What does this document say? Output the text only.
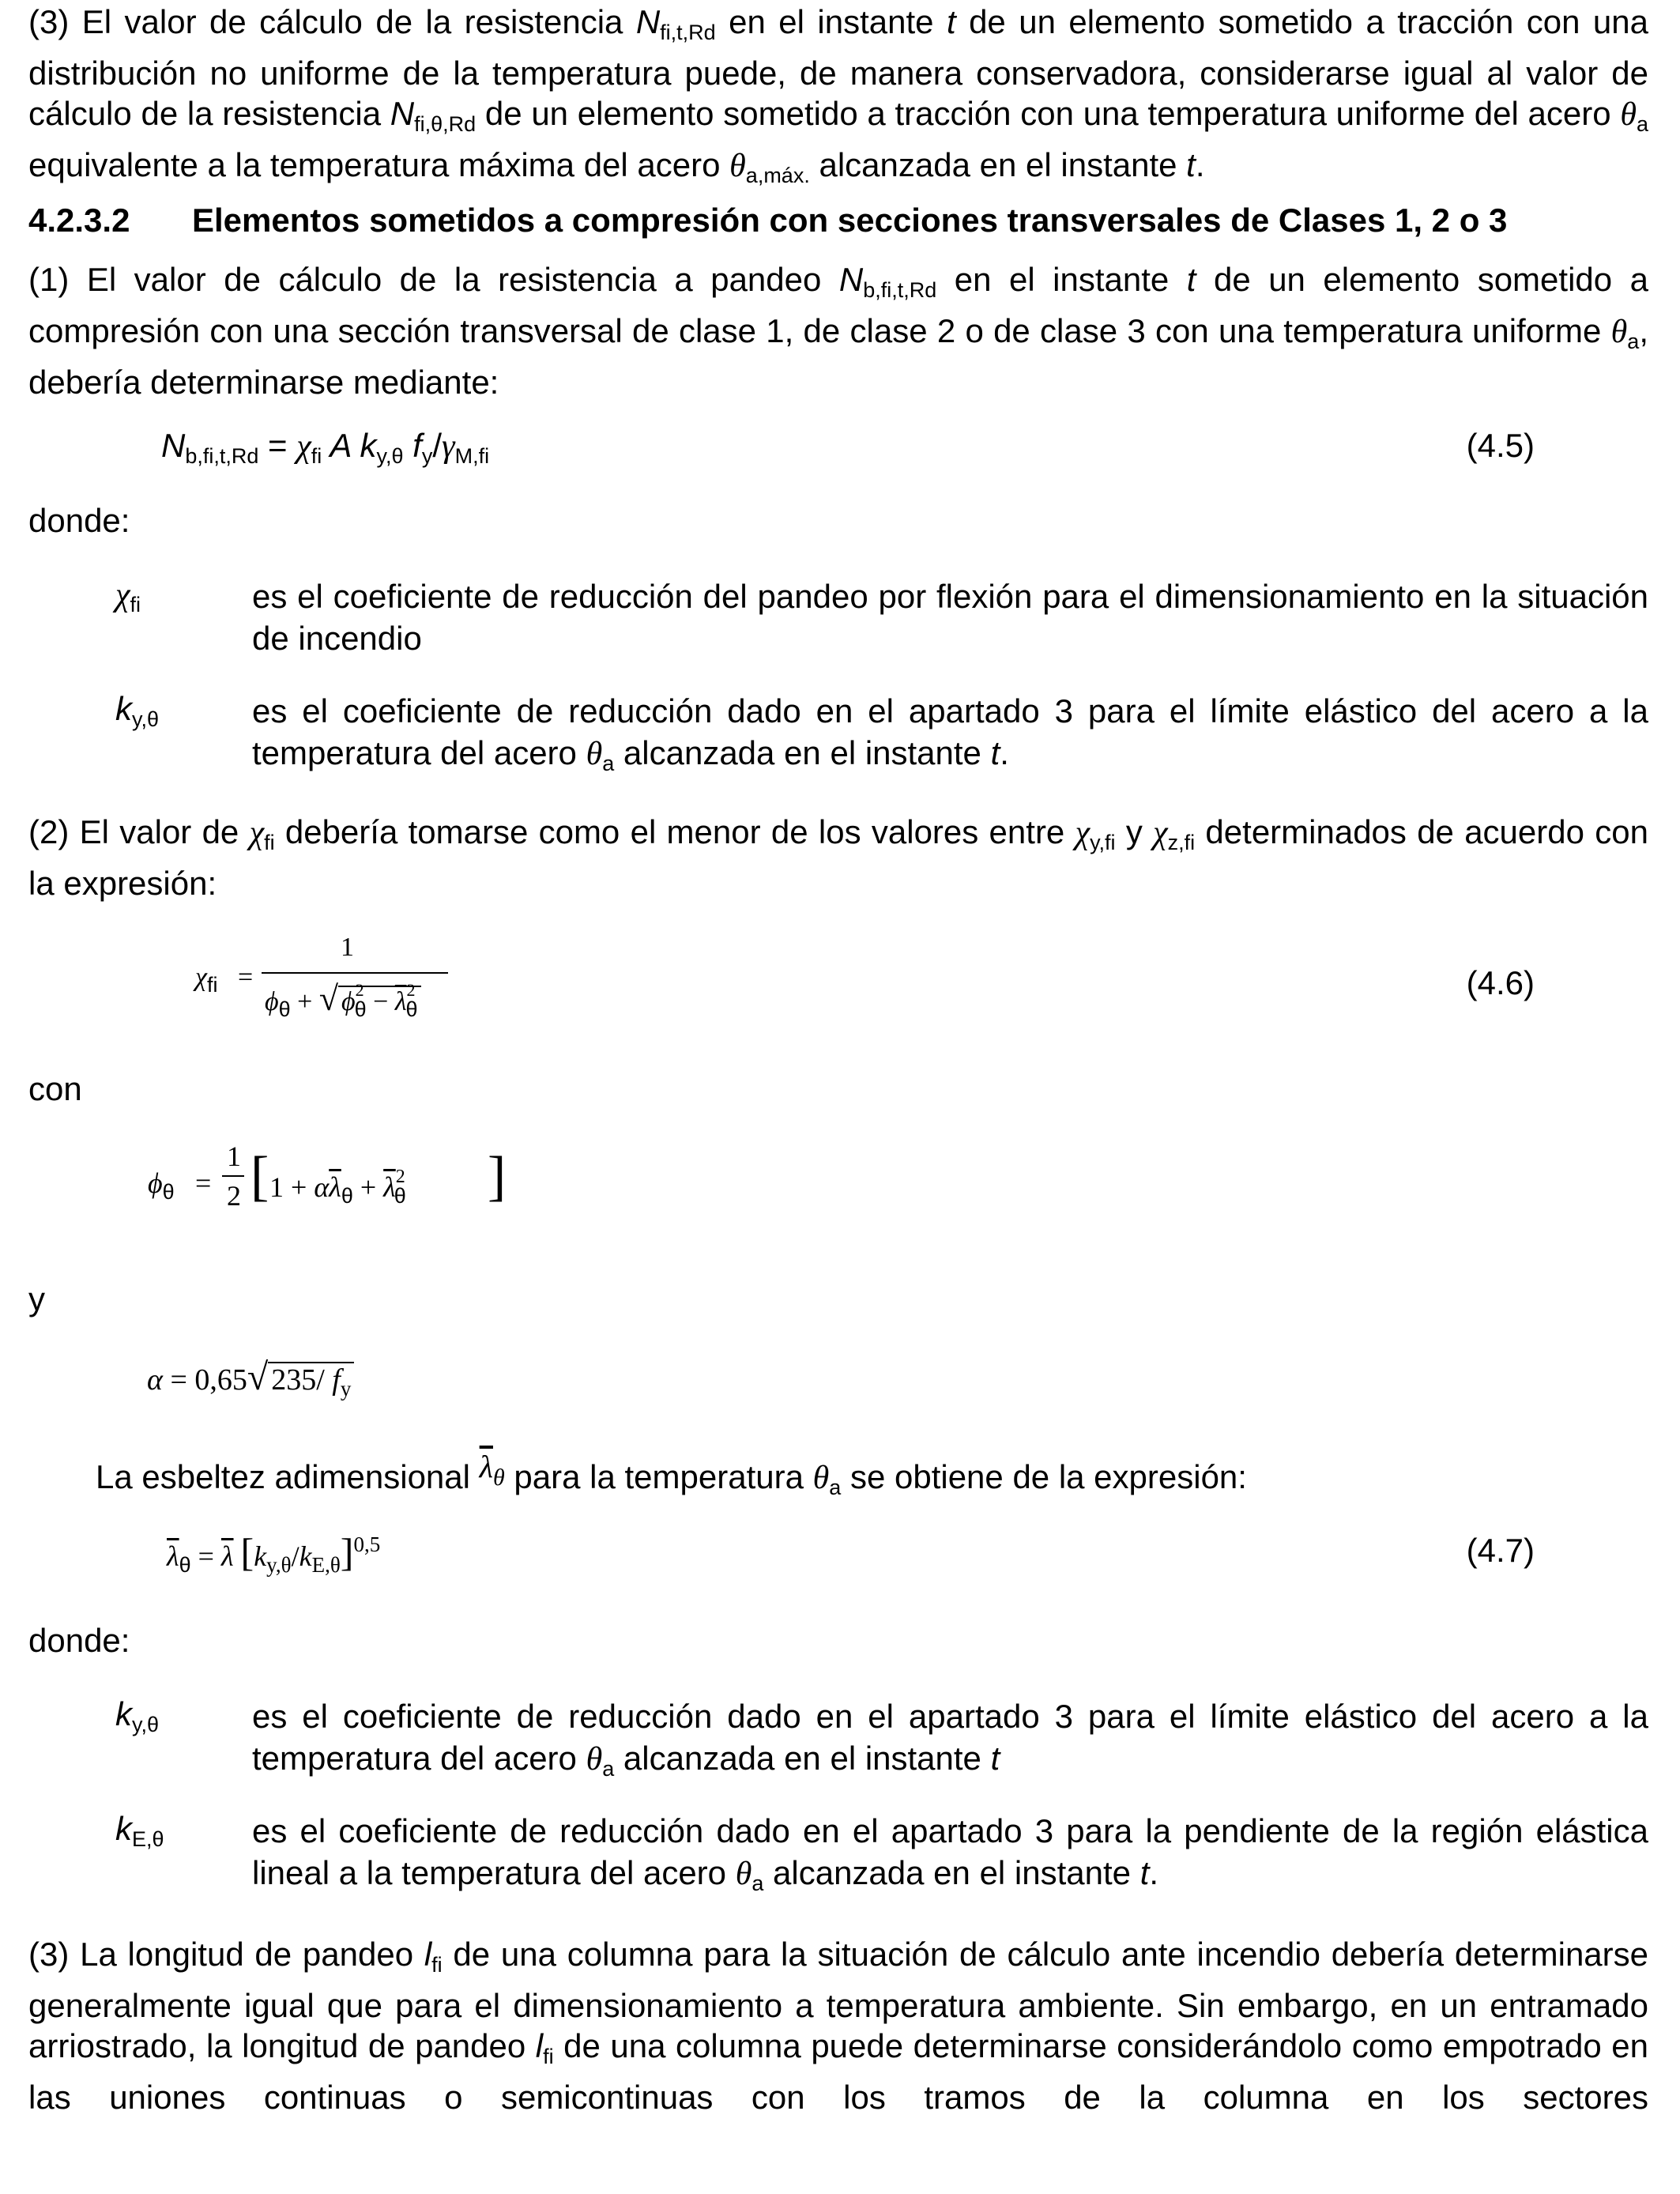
(3) El valor de cálculo de la resistencia $N_{fi,t,Rd}$ en el instante t de un elemento sometido a tracción con una distribución no uniforme de la temperatura puede, de manera conservadora, considerarse igual al valor de cálculo de la resistencia $N_{fi,\theta,Rd}$ de un elemento sometido a tracción con una temperatura uniforme del acero $\theta_a$ equivalente a la temperatura máxima del acero $\theta_{a,máx.}$ alcanzada en el instante t.

4.2.3.2 Elementos sometidos a compresión con secciones transversales de Clases 1, 2 o 3

(1) El valor de cálculo de la resistencia a pandeo $N_{b,fi,t,Rd}$ en el instante t de un elemento sometido a compresión con una sección transversal de clase 1, de clase 2 o de clase 3 con una temperatura uniforme $\theta_a$, debería determinarse mediante:

$N_{b,fi,t,Rd} = \chi_{fi}$ A $k_{y,\theta}$ $f_y/\gamma_{M,fi}$	(4.5)
donde:
$\chi_{fi}$	es el coeficiente de reducción del pandeo por flexión para el dimensionamiento en la situación de incendio
$k_{y,\theta}$	es el coeficiente de reducción dado en el apartado 3 para el límite elástico del acero a la temperatura del acero $\theta_a$ alcanzada en el instante t.

(2) El valor de $\chi_{fi}$ debería tomarse como el menor de los valores entre $\chi_{y,fi}$ y $\chi_{z,fi}$ determinados de acuerdo con la expresión:

$\chi_{fi}$ =
1
$\phi_\theta$ + √ $\phi^2_\theta - \overline{\lambda}^2_\theta$
(4.6)
con
$\phi_\theta$ =
1
2 [ $1 + \alpha\overline{\lambda}_\theta + \overline{\lambda}^2_\theta$ ]
y
α = 0,65√ 235/ $f_y$
La esbeltez adimensional $\overline{\lambda}\theta$ para la temperatura $\theta_a$ se obtiene de la expresión:
$\overline{\lambda}_\theta = \overline{\lambda}$ $[k_{y,\theta}/k_{E,\theta}]^{0,5}$	(4.7)
donde:
$k_{y,\theta}$	es el coeficiente de reducción dado en el apartado 3 para el límite elástico del acero a la temperatura del acero $\theta_a$ alcanzada en el instante t
$k_{E,\theta}$	es el coeficiente de reducción dado en el apartado 3 para la pendiente de la región elástica lineal a la temperatura del acero $\theta_a$ alcanzada en el instante t.

(3) La longitud de pandeo $l_{fi}$ de una columna para la situación de cálculo ante incendio debería determinarse generalmente igual que para el dimensionamiento a temperatura ambiente. Sin embargo, en un entramado arriostrado, la longitud de pandeo $l_{fi}$ de una columna puede determinarse considerándolo como empotrado en las uniones continuas o semicontinuas con los tramos de la columna en los sectores
